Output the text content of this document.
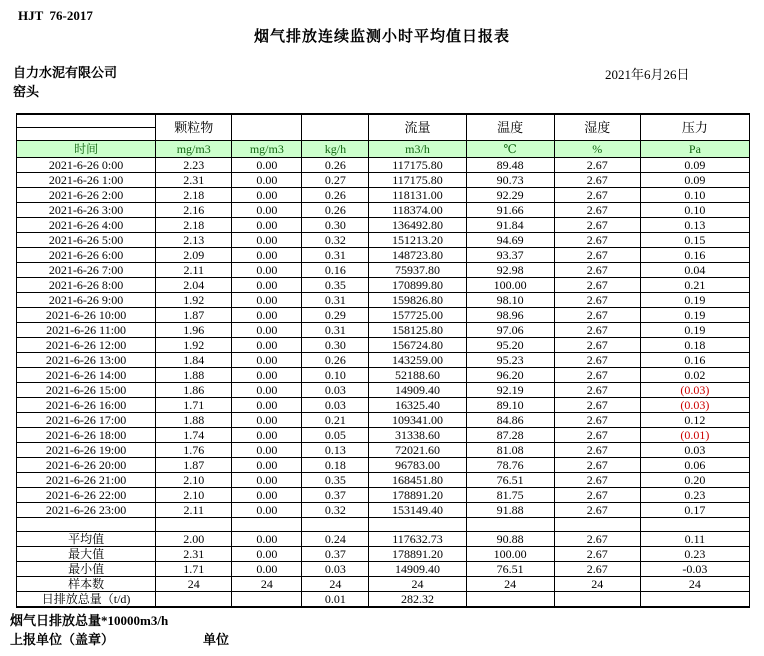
HJT  76-2017
烟气排放连续监测小时平均值日报表
自力水泥有限公司
窑头
2021年6月26日
	颗粒物			流量	温度	湿度	压力

时间	mg/m3	mg/m3	kg/h	m3/h	℃	%	Pa
2021-6-26 0:00	2.23	0.00	0.26	117175.80	89.48	2.67	0.09
2021-6-26 1:00	2.31	0.00	0.27	117175.80	90.73	2.67	0.09
2021-6-26 2:00	2.18	0.00	0.26	118131.00	92.29	2.67	0.10
2021-6-26 3:00	2.16	0.00	0.26	118374.00	91.66	2.67	0.10
2021-6-26 4:00	2.18	0.00	0.30	136492.80	91.84	2.67	0.13
2021-6-26 5:00	2.13	0.00	0.32	151213.20	94.69	2.67	0.15
2021-6-26 6:00	2.09	0.00	0.31	148723.80	93.37	2.67	0.16
2021-6-26 7:00	2.11	0.00	0.16	75937.80	92.98	2.67	0.04
2021-6-26 8:00	2.04	0.00	0.35	170899.80	100.00	2.67	0.21
2021-6-26 9:00	1.92	0.00	0.31	159826.80	98.10	2.67	0.19
2021-6-26 10:00	1.87	0.00	0.29	157725.00	98.96	2.67	0.19
2021-6-26 11:00	1.96	0.00	0.31	158125.80	97.06	2.67	0.19
2021-6-26 12:00	1.92	0.00	0.30	156724.80	95.20	2.67	0.18
2021-6-26 13:00	1.84	0.00	0.26	143259.00	95.23	2.67	0.16
2021-6-26 14:00	1.88	0.00	0.10	52188.60	96.20	2.67	0.02
2021-6-26 15:00	1.86	0.00	0.03	14909.40	92.19	2.67	(0.03)
2021-6-26 16:00	1.71	0.00	0.03	16325.40	89.10	2.67	(0.03)
2021-6-26 17:00	1.88	0.00	0.21	109341.00	84.86	2.67	0.12
2021-6-26 18:00	1.74	0.00	0.05	31338.60	87.28	2.67	(0.01)
2021-6-26 19:00	1.76	0.00	0.13	72021.60	81.08	2.67	0.03
2021-6-26 20:00	1.87	0.00	0.18	96783.00	78.76	2.67	0.06
2021-6-26 21:00	2.10	0.00	0.35	168451.80	76.51	2.67	0.20
2021-6-26 22:00	2.10	0.00	0.37	178891.20	81.75	2.67	0.23
2021-6-26 23:00	2.11	0.00	0.32	153149.40	91.88	2.67	0.17

平均值	2.00	0.00	0.24	117632.73	90.88	2.67	0.11
最大值	2.31	0.00	0.37	178891.20	100.00	2.67	0.23
最小值	1.71	0.00	0.03	14909.40	76.51	2.67	-0.03
样本数	24	24	24	24	24	24	24
日排放总量（t/d)			0.01	282.32			
烟气日排放总量*10000m3/h
上报单位（盖章）	单位
